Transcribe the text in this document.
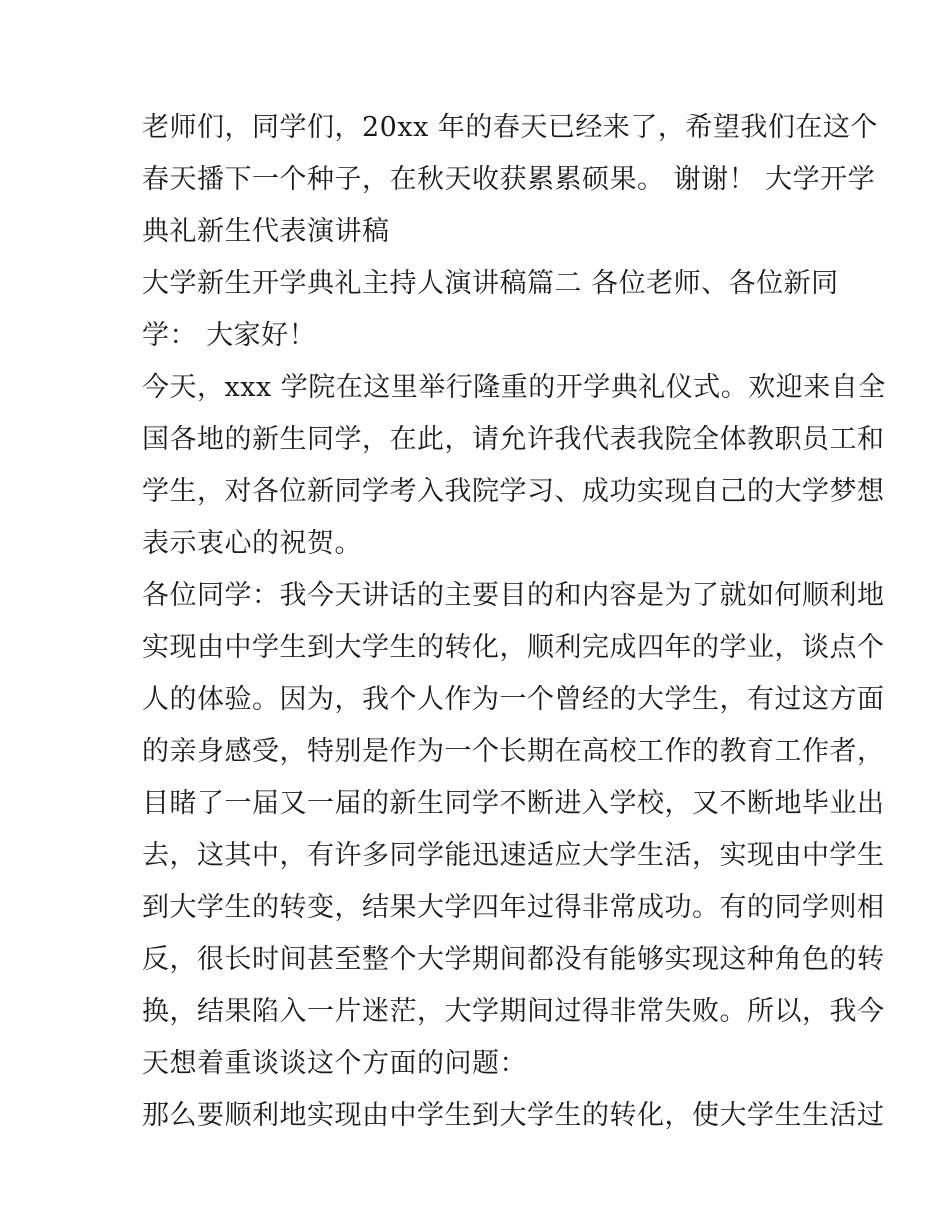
老师们，同学们，20xx 年的春天已经来了，希望我们在这个
春天播下一个种子，在秋天收获累累硕果。 谢谢！ 大学开学
典礼新生代表演讲稿
大学新生开学典礼主持人演讲稿篇二 各位老师、各位新同
学： 大家好！
今天，xxx 学院在这里举行隆重的开学典礼仪式。欢迎来自全
国各地的新生同学，在此，请允许我代表我院全体教职员工和
学生，对各位新同学考入我院学习、成功实现自己的大学梦想
表示衷心的祝贺。
各位同学：我今天讲话的主要目的和内容是为了就如何顺利地
实现由中学生到大学生的转化，顺利完成四年的学业，谈点个
人的体验。因为，我个人作为一个曾经的大学生，有过这方面
的亲身感受，特别是作为一个长期在高校工作的教育工作者，
目睹了一届又一届的新生同学不断进入学校，又不断地毕业出
去，这其中，有许多同学能迅速适应大学生活，实现由中学生
到大学生的转变，结果大学四年过得非常成功。有的同学则相
反，很长时间甚至整个大学期间都没有能够实现这种角色的转
换，结果陷入一片迷茫，大学期间过得非常失败。所以，我今
天想着重谈谈这个方面的问题：
那么要顺利地实现由中学生到大学生的转化，使大学生生活过
